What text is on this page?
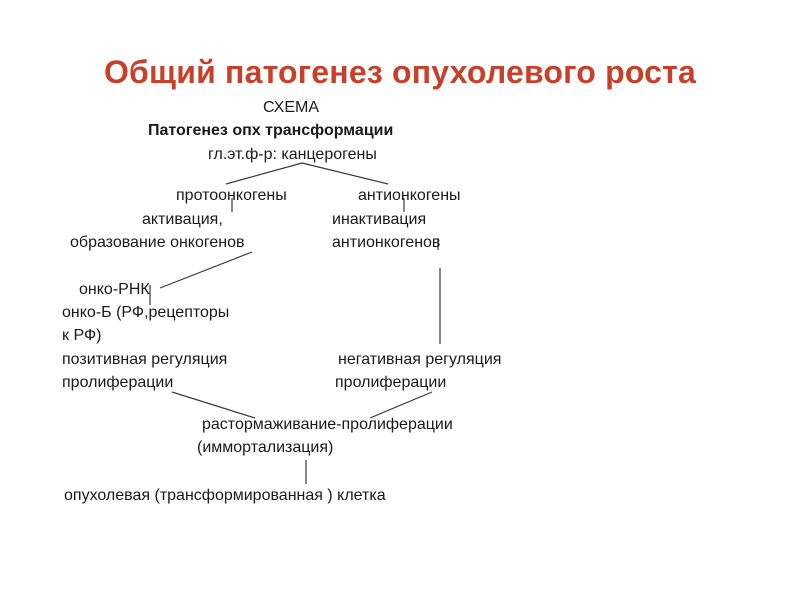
Общий патогенез опухолевого роста
СХЕМА
Патогенез опх трансформации
гл.эт.ф-р: канцерогены
протоонкогены	антионкогены
активация,	инактивация
образование онкогенов	антионкогенов
онко-РНК
онко-Б (РФ,рецепторы
к РФ)
позитивная регуляция
пролиферации
негативная регуляция
пролиферации
растормаживание-пролиферации
(иммортализация)
опухолевая (трансформированная ) клетка
